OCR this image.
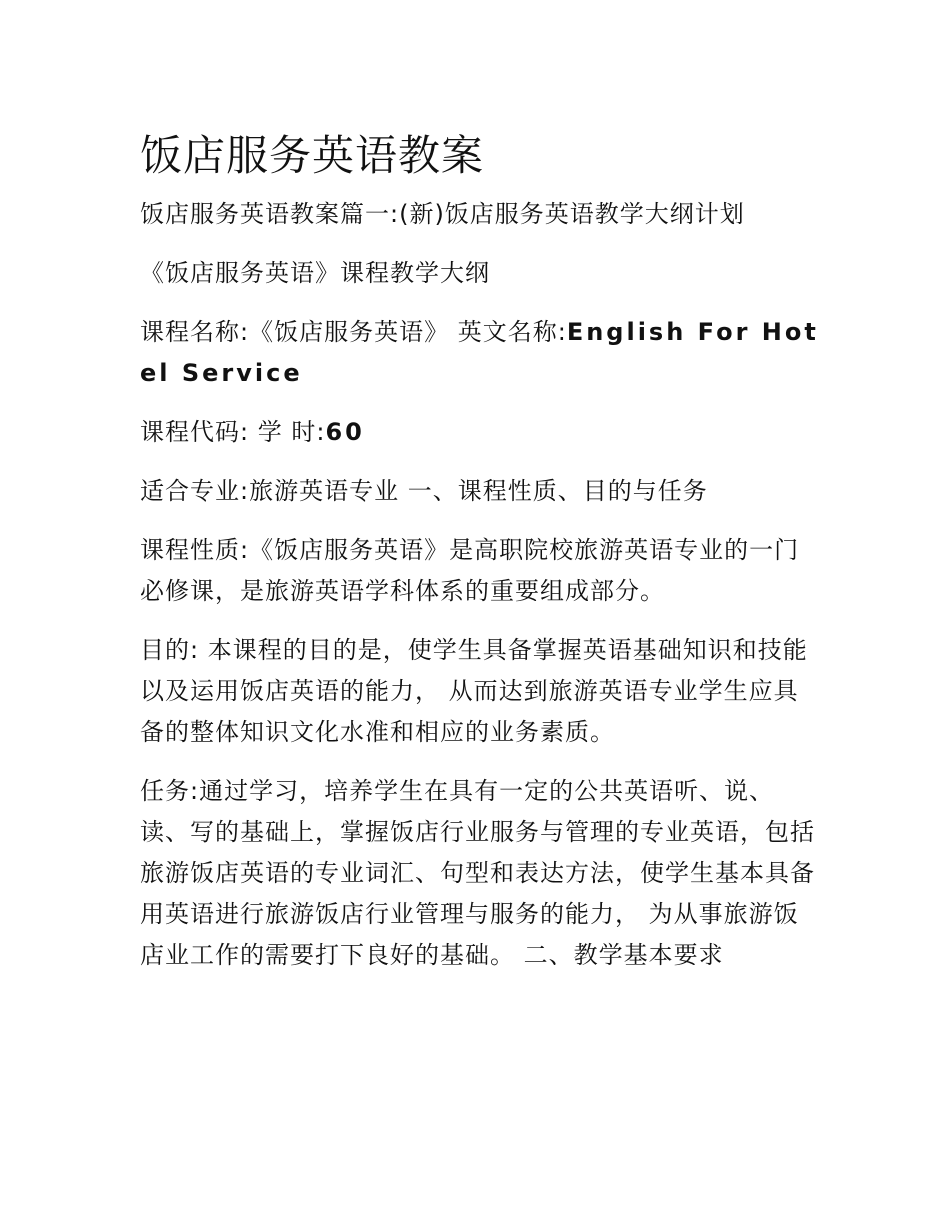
饭店服务英语教案

饭店服务英语教案篇一:(新)饭店服务英语教学大纲计划

《饭店服务英语》课程教学大纲

课程名称:《饭店服务英语》 英文名称:English For Hotel Service

课程代码: 学 时:60

适合专业:旅游英语专业 一、课程性质、目的与任务

课程性质:《饭店服务英语》是高职院校旅游英语专业的一门必修课，是旅游英语学科体系的重要组成部分。

目的: 本课程的目的是，使学生具备掌握英语基础知识和技能以及运用饭店英语的能力， 从而达到旅游英语专业学生应具备的整体知识文化水准和相应的业务素质。

任务:通过学习，培养学生在具有一定的公共英语听、说、读、写的基础上，掌握饭店行业服务与管理的专业英语，包括旅游饭店英语的专业词汇、句型和表达方法，使学生基本具备用英语进行旅游饭店行业管理与服务的能力， 为从事旅游饭店业工作的需要打下良好的基础。 二、教学基本要求
